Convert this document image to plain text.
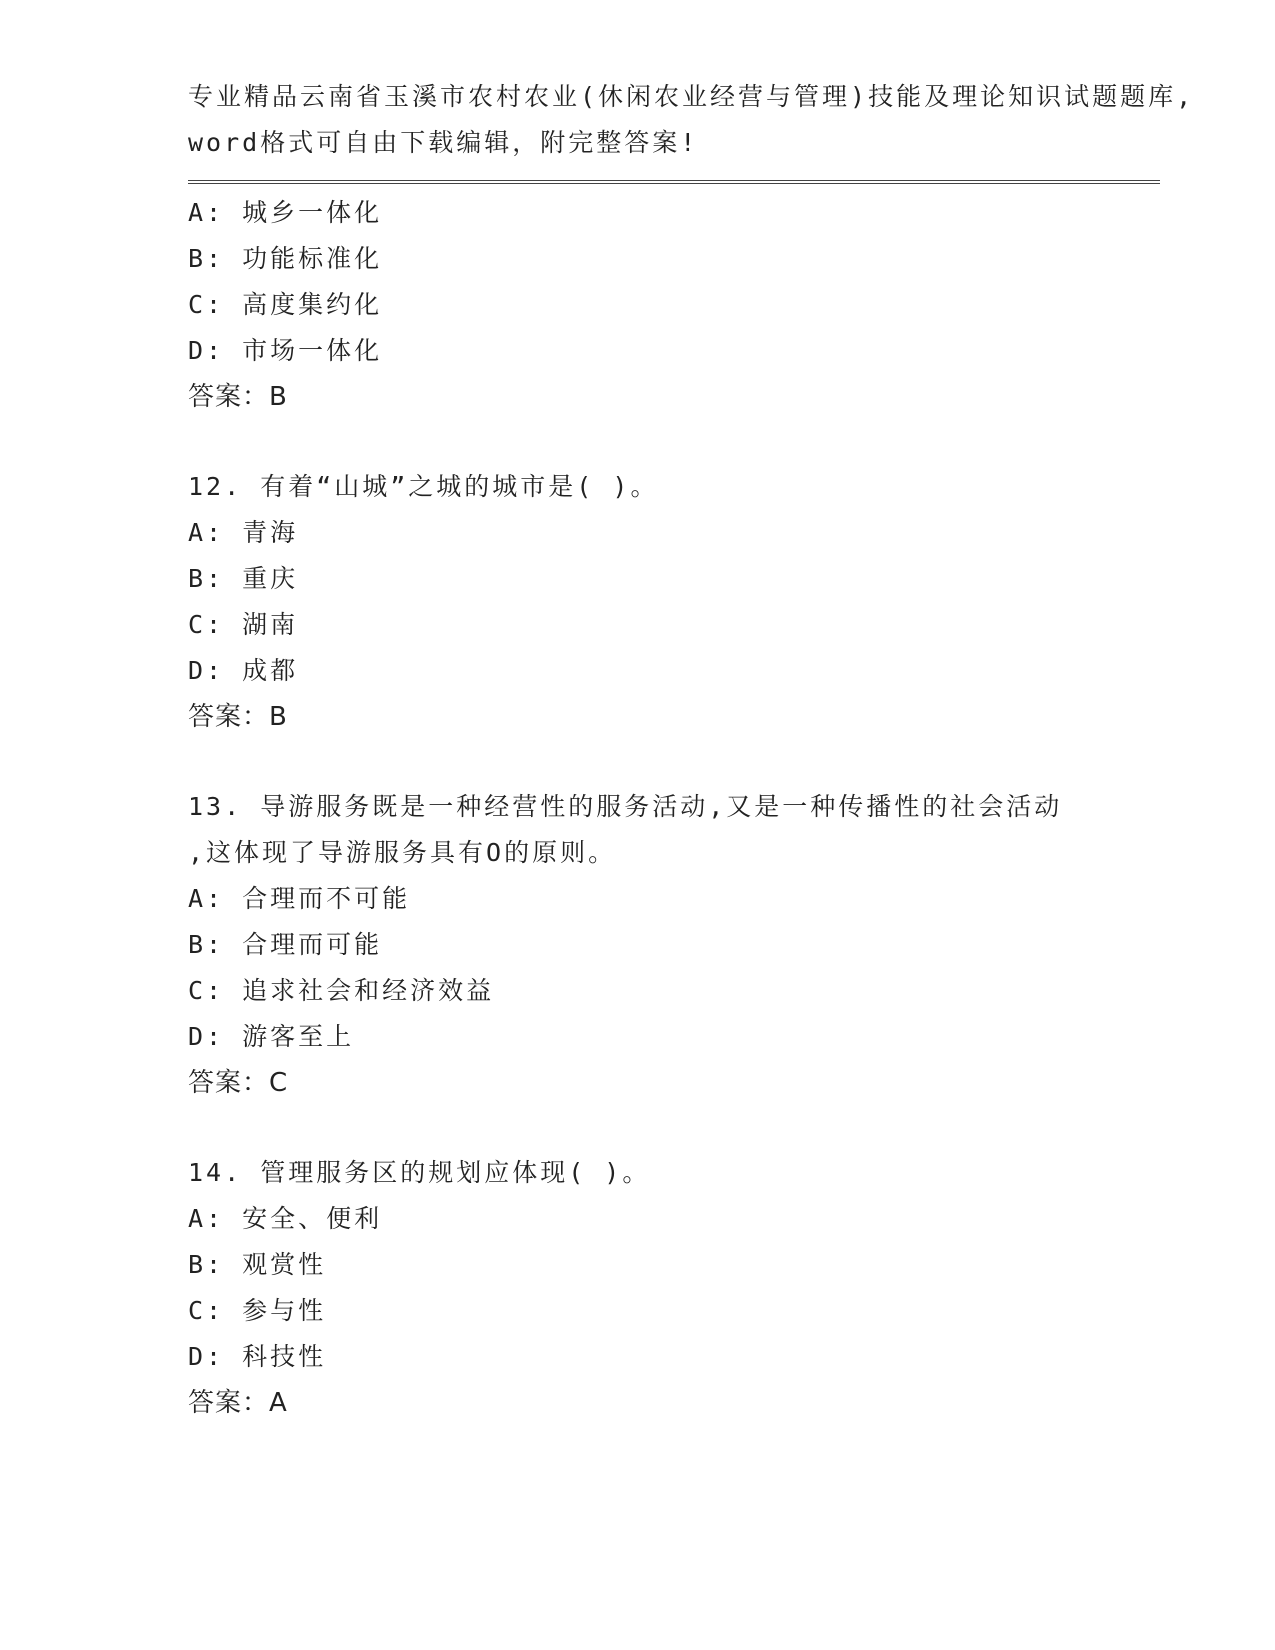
专业精品云南省玉溪市农村农业(休闲农业经营与管理)技能及理论知识试题题库,
word格式可自由下载编辑，附完整答案!
A: 城乡一体化
B: 功能标准化
C: 高度集约化
D: 市场一体化
答案：B
12. 有着“山城”之城的城市是( )。
A: 青海
B: 重庆
C: 湖南
D: 成都
答案：B
13. 导游服务既是一种经营性的服务活动,又是一种传播性的社会活动
,这体现了导游服务具有O的原则。
A: 合理而不可能
B: 合理而可能
C: 追求社会和经济效益
D: 游客至上
答案：C
14. 管理服务区的规划应体现( )。
A: 安全、便利
B: 观赏性
C: 参与性
D: 科技性
答案：A
